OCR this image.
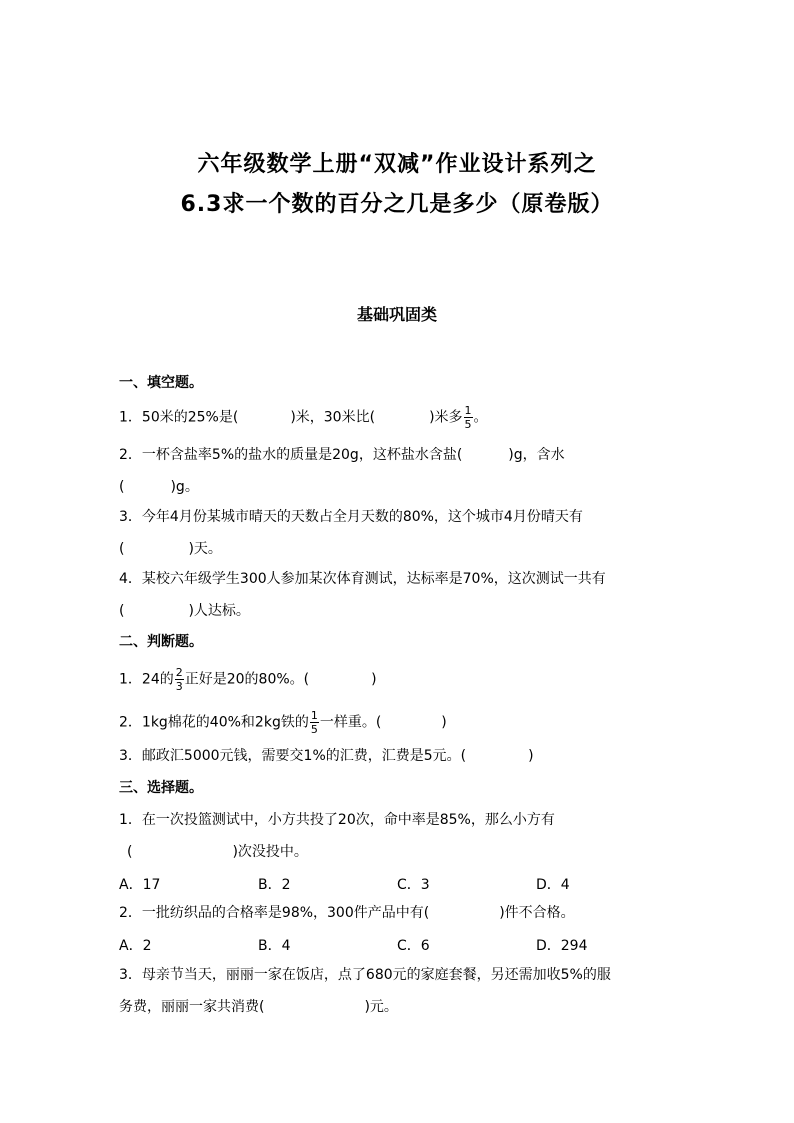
六年级数学上册“双减”作业设计系列之
6.3求一个数的百分之几是多少（原卷版）
基础巩固类
一、填空题。
1．50米的25%是(	)米，30米比(	)米多 $\frac{1}{5}$ 。
2．一杯含盐率5%的盐水的质量是20g，这杯盐水含盐(	)g，含水
(	)g。
3．今年4月份某城市晴天的天数占全月天数的80%，这个城市4月份晴天有
(	)天。
4．某校六年级学生300人参加某次体育测试，达标率是70%，这次测试一共有
(	)人达标。
二、判断题。
1．24的 $\frac{2}{3}$ 正好是20的80%。(	)
2．1kg棉花的40%和2kg铁的 $\frac{1}{5}$ 一样重。(	)
3．邮政汇5000元钱，需要交1%的汇费，汇费是5元。(	)
三、选择题。
1．在一次投篮测试中，小方共投了20次，命中率是85%，那么小方有
(	)次没投中。
A．17	B．2	C．3	D．4
2．一批纺织品的合格率是98%，300件产品中有(	)件不合格。
A．2	B．4	C．6	D．294
3．母亲节当天，丽丽一家在饭店，点了680元的家庭套餐，另还需加收5%的服
务费，丽丽一家共消费(	)元。
